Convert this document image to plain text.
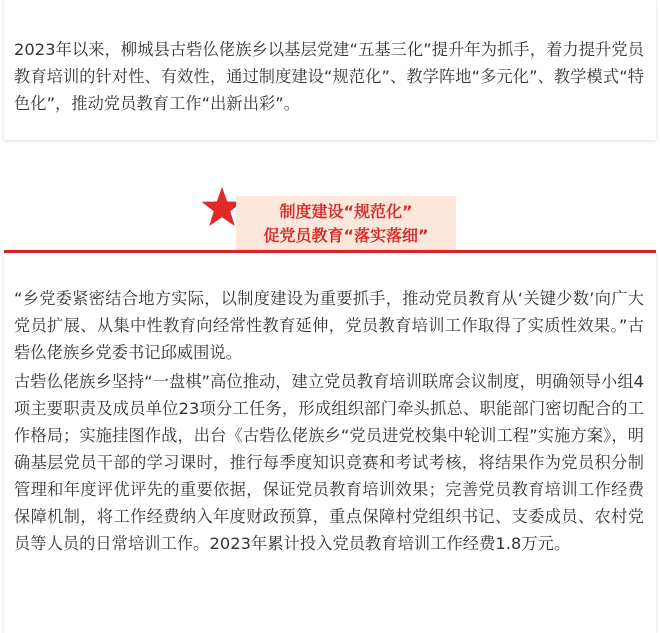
2023年以来，柳城县古砦仫佬族乡以基层党建“五基三化”提升年为抓手，着力提升党员教育培训的针对性、有效性，通过制度建设“规范化”、教学阵地“多元化”、教学模式“特色化”，推动党员教育工作“出新出彩”。

制度建设“规范化”
促党员教育“落实落细”

“乡党委紧密结合地方实际，以制度建设为重要抓手，推动党员教育从‘关键少数’向广大党员扩展、从集中性教育向经常性教育延伸，党员教育培训工作取得了实质性效果。”古砦仫佬族乡党委书记邱威围说。

古砦仫佬族乡坚持“一盘棋”高位推动，建立党员教育培训联席会议制度，明确领导小组4项主要职责及成员单位23项分工任务，形成组织部门牵头抓总、职能部门密切配合的工作格局；实施挂图作战，出台《古砦仫佬族乡“党员进党校集中轮训工程”实施方案》，明确基层党员干部的学习课时，推行每季度知识竞赛和考试考核，将结果作为党员积分制管理和年度评优评先的重要依据，保证党员教育培训效果；完善党员教育培训工作经费保障机制，将工作经费纳入年度财政预算，重点保障村党组织书记、支委成员、农村党员等人员的日常培训工作。2023年累计投入党员教育培训工作经费1.8万元。
